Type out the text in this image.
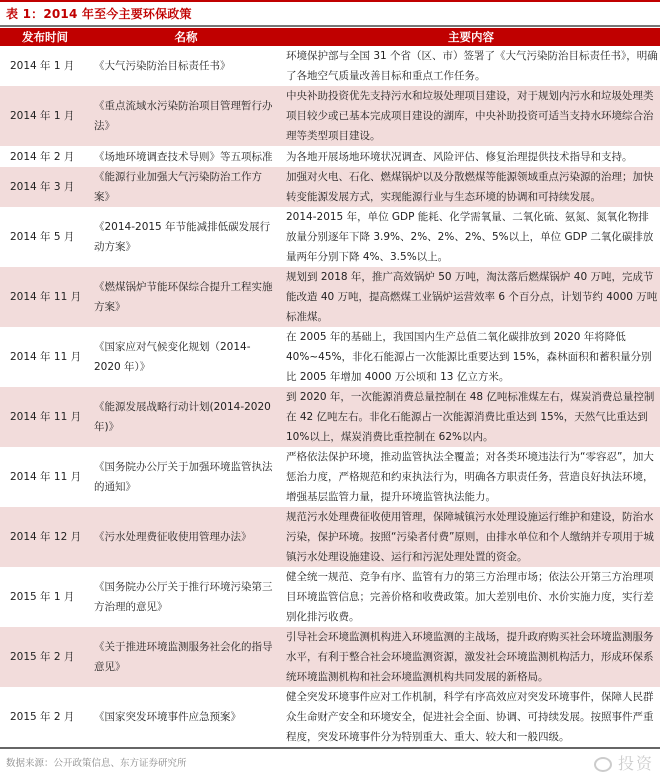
表 1：2014 年至今主要环保政策
发布时间	名称	主要内容
2014 年 1 月	《大气污染防治目标责任书》	环境保护部与全国 31 个省（区、市）签署了《大气污染防治目标责任书》，明确了各地空气质量改善目标和重点工作任务。
2014 年 1 月	《重点流域水污染防治项目管理暂行办法》	中央补助投资优先支持污水和垃圾处理项目建设，对于规划内污水和垃圾处理类项目较少或已基本完成项目建设的湖库，中央补助投资可适当支持水环境综合治理等类型项目建设。
2014 年 2 月	《场地环境调查技术导则》等五项标准	为各地开展场地环境状况调查、风险评估、修复治理提供技术指导和支持。
2014 年 3 月	《能源行业加强大气污染防治工作方案》	加强对火电、石化、燃煤锅炉以及分散燃煤等能源领域重点污染源的治理；加快转变能源发展方式，实现能源行业与生态环境的协调和可持续发展。
2014 年 5 月	《2014-2015 年节能减排低碳发展行动方案》	2014-2015 年，单位 GDP 能耗、化学需氧量、二氧化硫、氨氮、氮氧化物排放量分别逐年下降 3.9%、2%、2%、2%、5%以上，单位 GDP 二氧化碳排放量两年分别下降 4%、3.5%以上。
2014 年 11 月	《燃煤锅炉节能环保综合提升工程实施方案》	规划到 2018 年，推广高效锅炉 50 万吨，淘汰落后燃煤锅炉 40 万吨，完成节能改造 40 万吨，提高燃煤工业锅炉运营效率 6 个百分点，计划节约 4000 万吨标准煤。
2014 年 11 月	《国家应对气候变化规划（2014-2020 年）》	在 2005 年的基础上，我国国内生产总值二氧化碳排放到 2020 年将降低 40%~45%，非化石能源占一次能源比重要达到 15%，森林面积和蓄积量分别比 2005 年增加 4000 万公顷和 13 亿立方米。
2014 年 11 月	《能源发展战略行动计划(2014-2020 年)》	到 2020 年，一次能源消费总量控制在 48 亿吨标准煤左右，煤炭消费总量控制在 42 亿吨左右。非化石能源占一次能源消费比重达到 15%，天然气比重达到 10%以上，煤炭消费比重控制在 62%以内。
2014 年 11 月	《国务院办公厅关于加强环境监管执法的通知》	严格依法保护环境，推动监管执法全覆盖；对各类环境违法行为“零容忍”，加大惩治力度，严格规范和约束执法行为，明确各方职责任务，营造良好执法环境，增强基层监管力量，提升环境监管执法能力。
2014 年 12 月	《污水处理费征收使用管理办法》	规范污水处理费征收使用管理，保障城镇污水处理设施运行维护和建设，防治水污染，保护环境。按照“污染者付费”原则，由排水单位和个人缴纳并专项用于城镇污水处理设施建设、运行和污泥处理处置的资金。
2015 年 1 月	《国务院办公厅关于推行环境污染第三方治理的意见》	健全统一规范、竞争有序、监管有力的第三方治理市场；依法公开第三方治理项目环境监管信息；完善价格和收费政策。加大差别电价、水价实施力度，实行差别化排污收费。
2015 年 2 月	《关于推进环境监测服务社会化的指导意见》	引导社会环境监测机构进入环境监测的主战场，提升政府购买社会环境监测服务水平，有利于整合社会环境监测资源，激发社会环境监测机构活力，形成环保系统环境监测机构和社会环境监测机构共同发展的新格局。
2015 年 2 月	《国家突发环境事件应急预案》	健全突发环境事件应对工作机制，科学有序高效应对突发环境事件，保障人民群众生命财产安全和环境安全，促进社会全面、协调、可持续发展。按照事件严重程度，突发环境事件分为特别重大、重大、较大和一般四级。
数据来源：公开政策信息、东方证券研究所	投资
